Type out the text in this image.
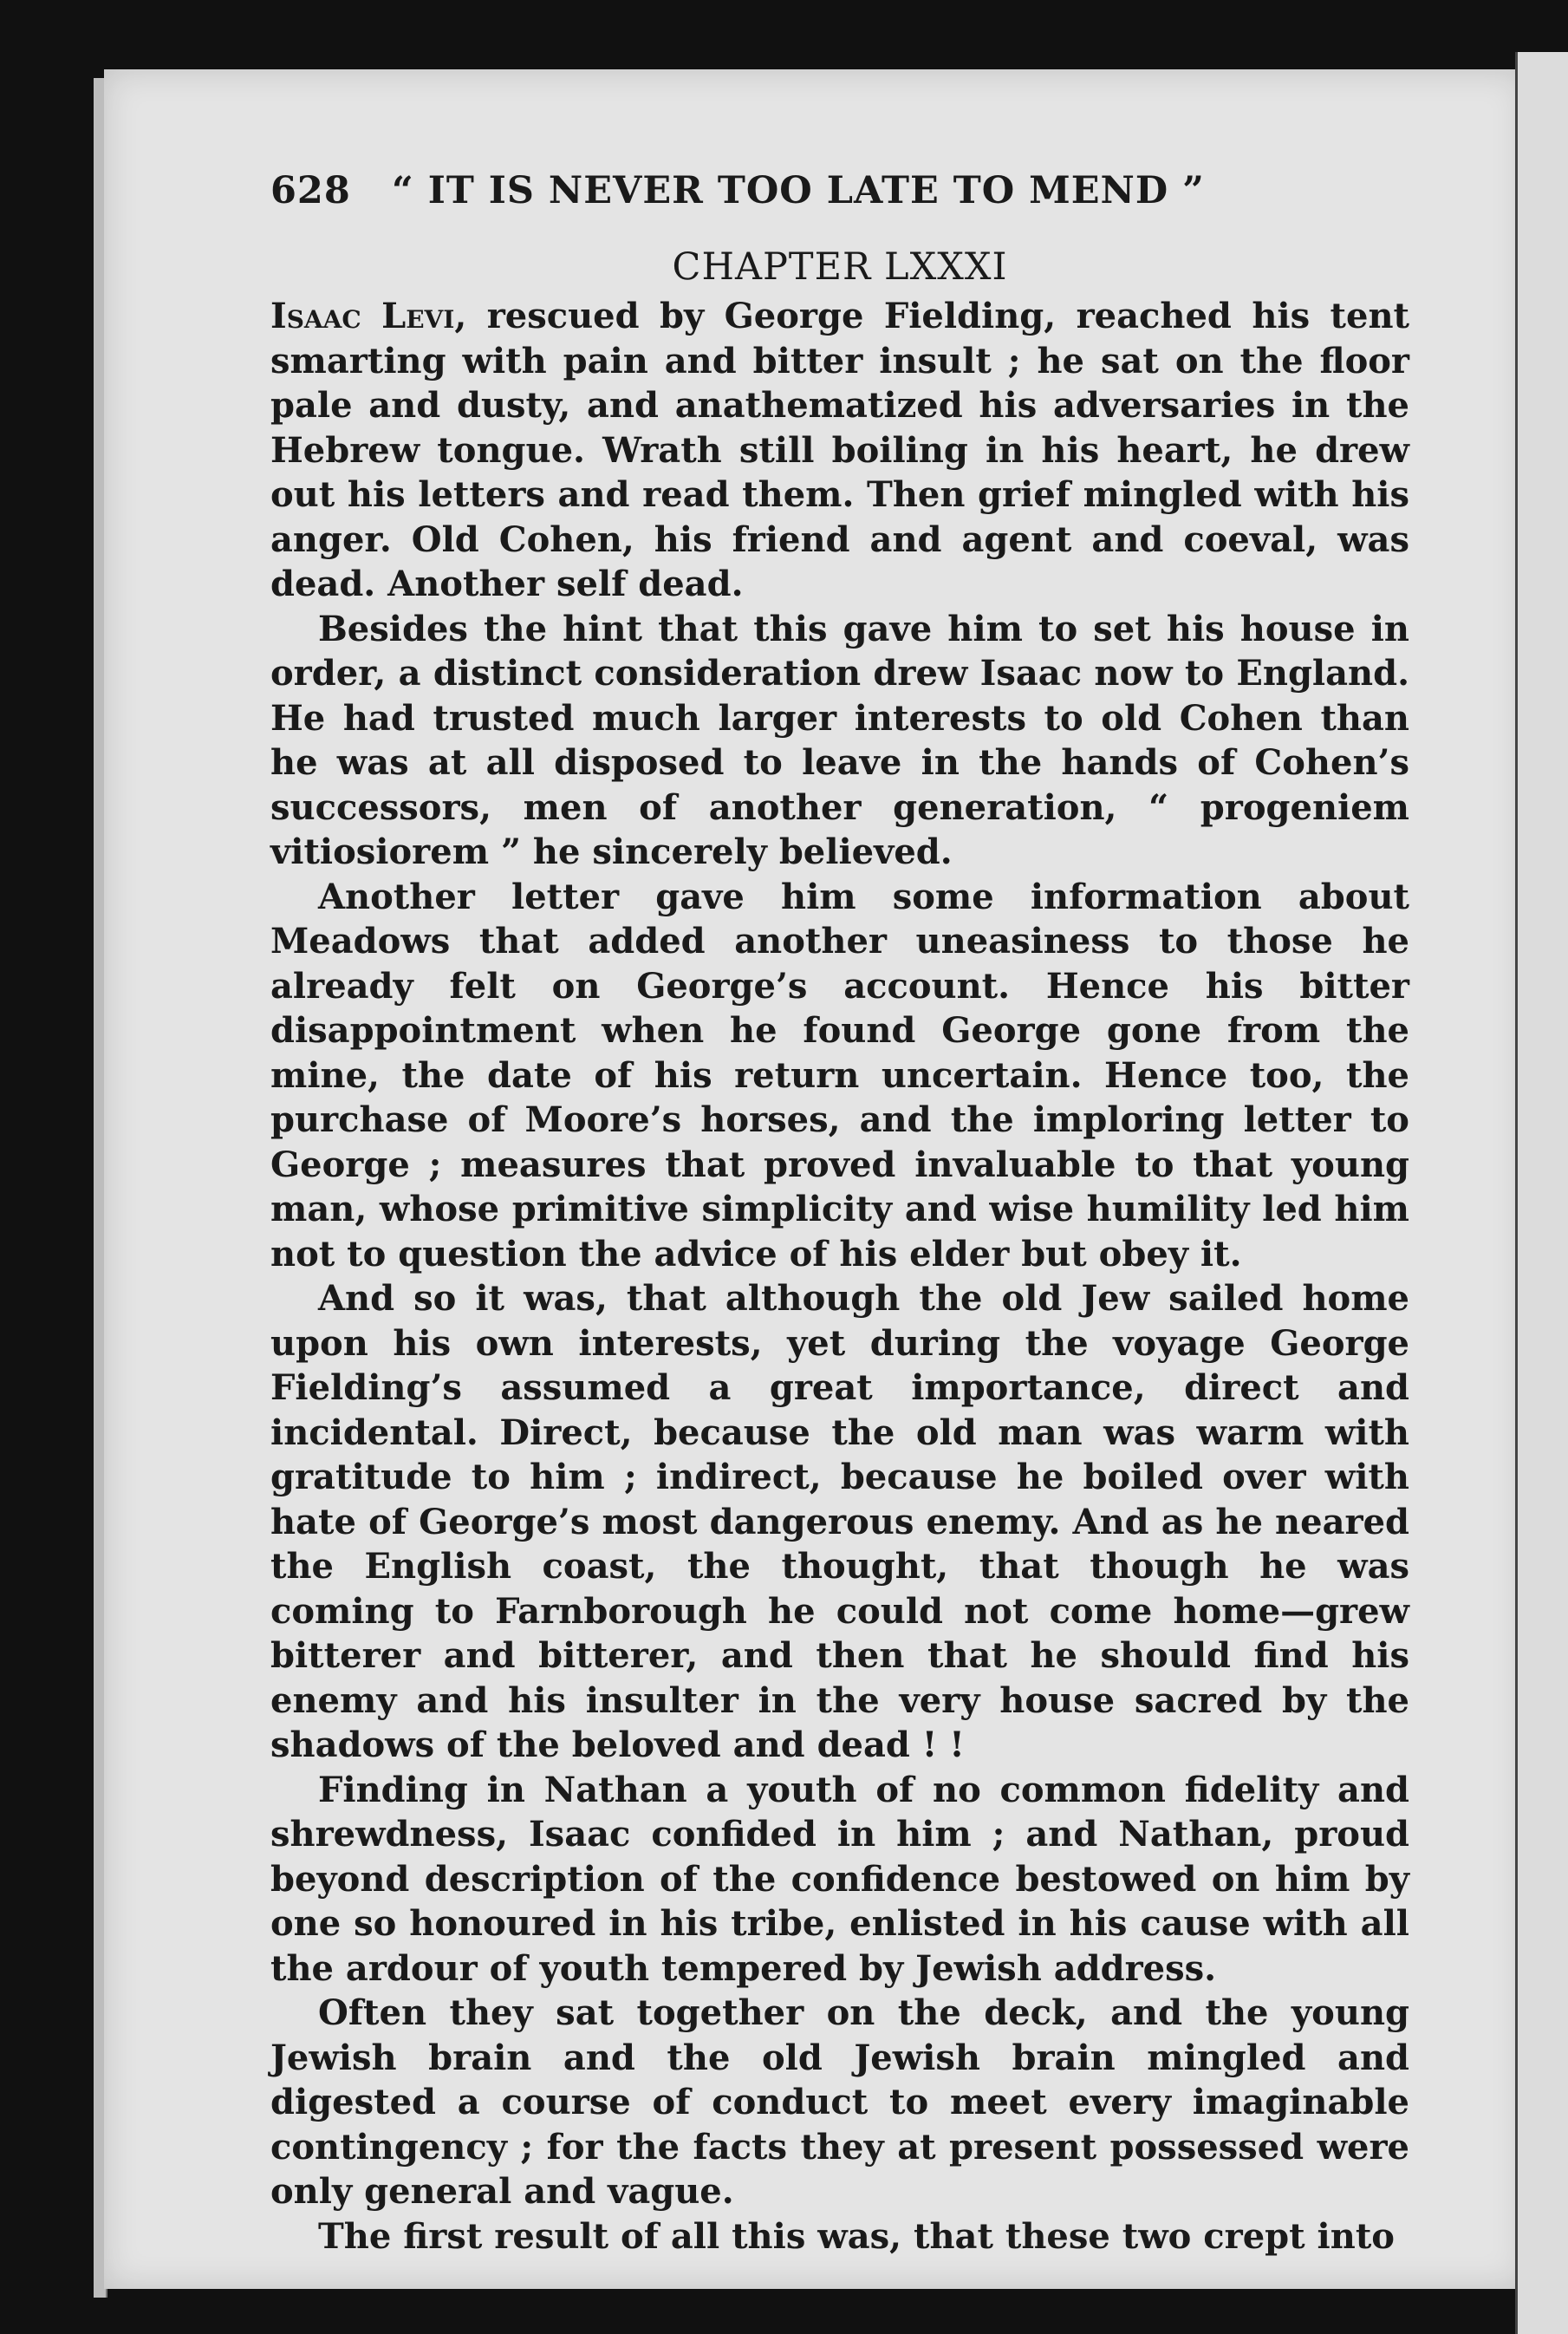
628	“ IT IS NEVER TOO LATE TO MEND ”
CHAPTER LXXXI

Isaac Levi, rescued by George Fielding, reached his tent smarting with pain and bitter insult ; he sat on the floor pale and dusty, and anathematized his adversaries in the Hebrew tongue. Wrath still boiling in his heart, he drew out his letters and read them. Then grief mingled with his anger. Old Cohen, his friend and agent and coeval, was dead. Another self dead.

Besides the hint that this gave him to set his house in order, a distinct consideration drew Isaac now to England. He had trusted much larger interests to old Cohen than he was at all disposed to leave in the hands of Cohen’s successors, men of another generation, “ progeniem vitiosiorem ” he sincerely believed.

Another letter gave him some information about Meadows that added another uneasiness to those he already felt on George’s account. Hence his bitter disappointment when he found George gone from the mine, the date of his return uncertain. Hence too, the purchase of Moore’s horses, and the imploring letter to George ; measures that proved invaluable to that young man, whose primitive simplicity and wise humility led him not to question the advice of his elder but obey it.

And so it was, that although the old Jew sailed home upon his own interests, yet during the voyage George Fielding’s assumed a great importance, direct and incidental. Direct, because the old man was warm with gratitude to him ; indirect, because he boiled over with hate of George’s most dangerous enemy. And as he neared the English coast, the thought, that though he was coming to Farnborough he could not come home—grew bitterer and bitterer, and then that he should find his enemy and his insulter in the very house sacred by the shadows of the beloved and dead ! !

Finding in Nathan a youth of no common fidelity and shrewdness, Isaac confided in him ; and Nathan, proud beyond description of the confidence bestowed on him by one so honoured in his tribe, enlisted in his cause with all the ardour of youth tempered by Jewish address.

Often they sat together on the deck, and the young Jewish brain and the old Jewish brain mingled and digested a course of conduct to meet every imaginable contingency ; for the facts they at present possessed were only general and vague.

The first result of all this was, that these two crept into
